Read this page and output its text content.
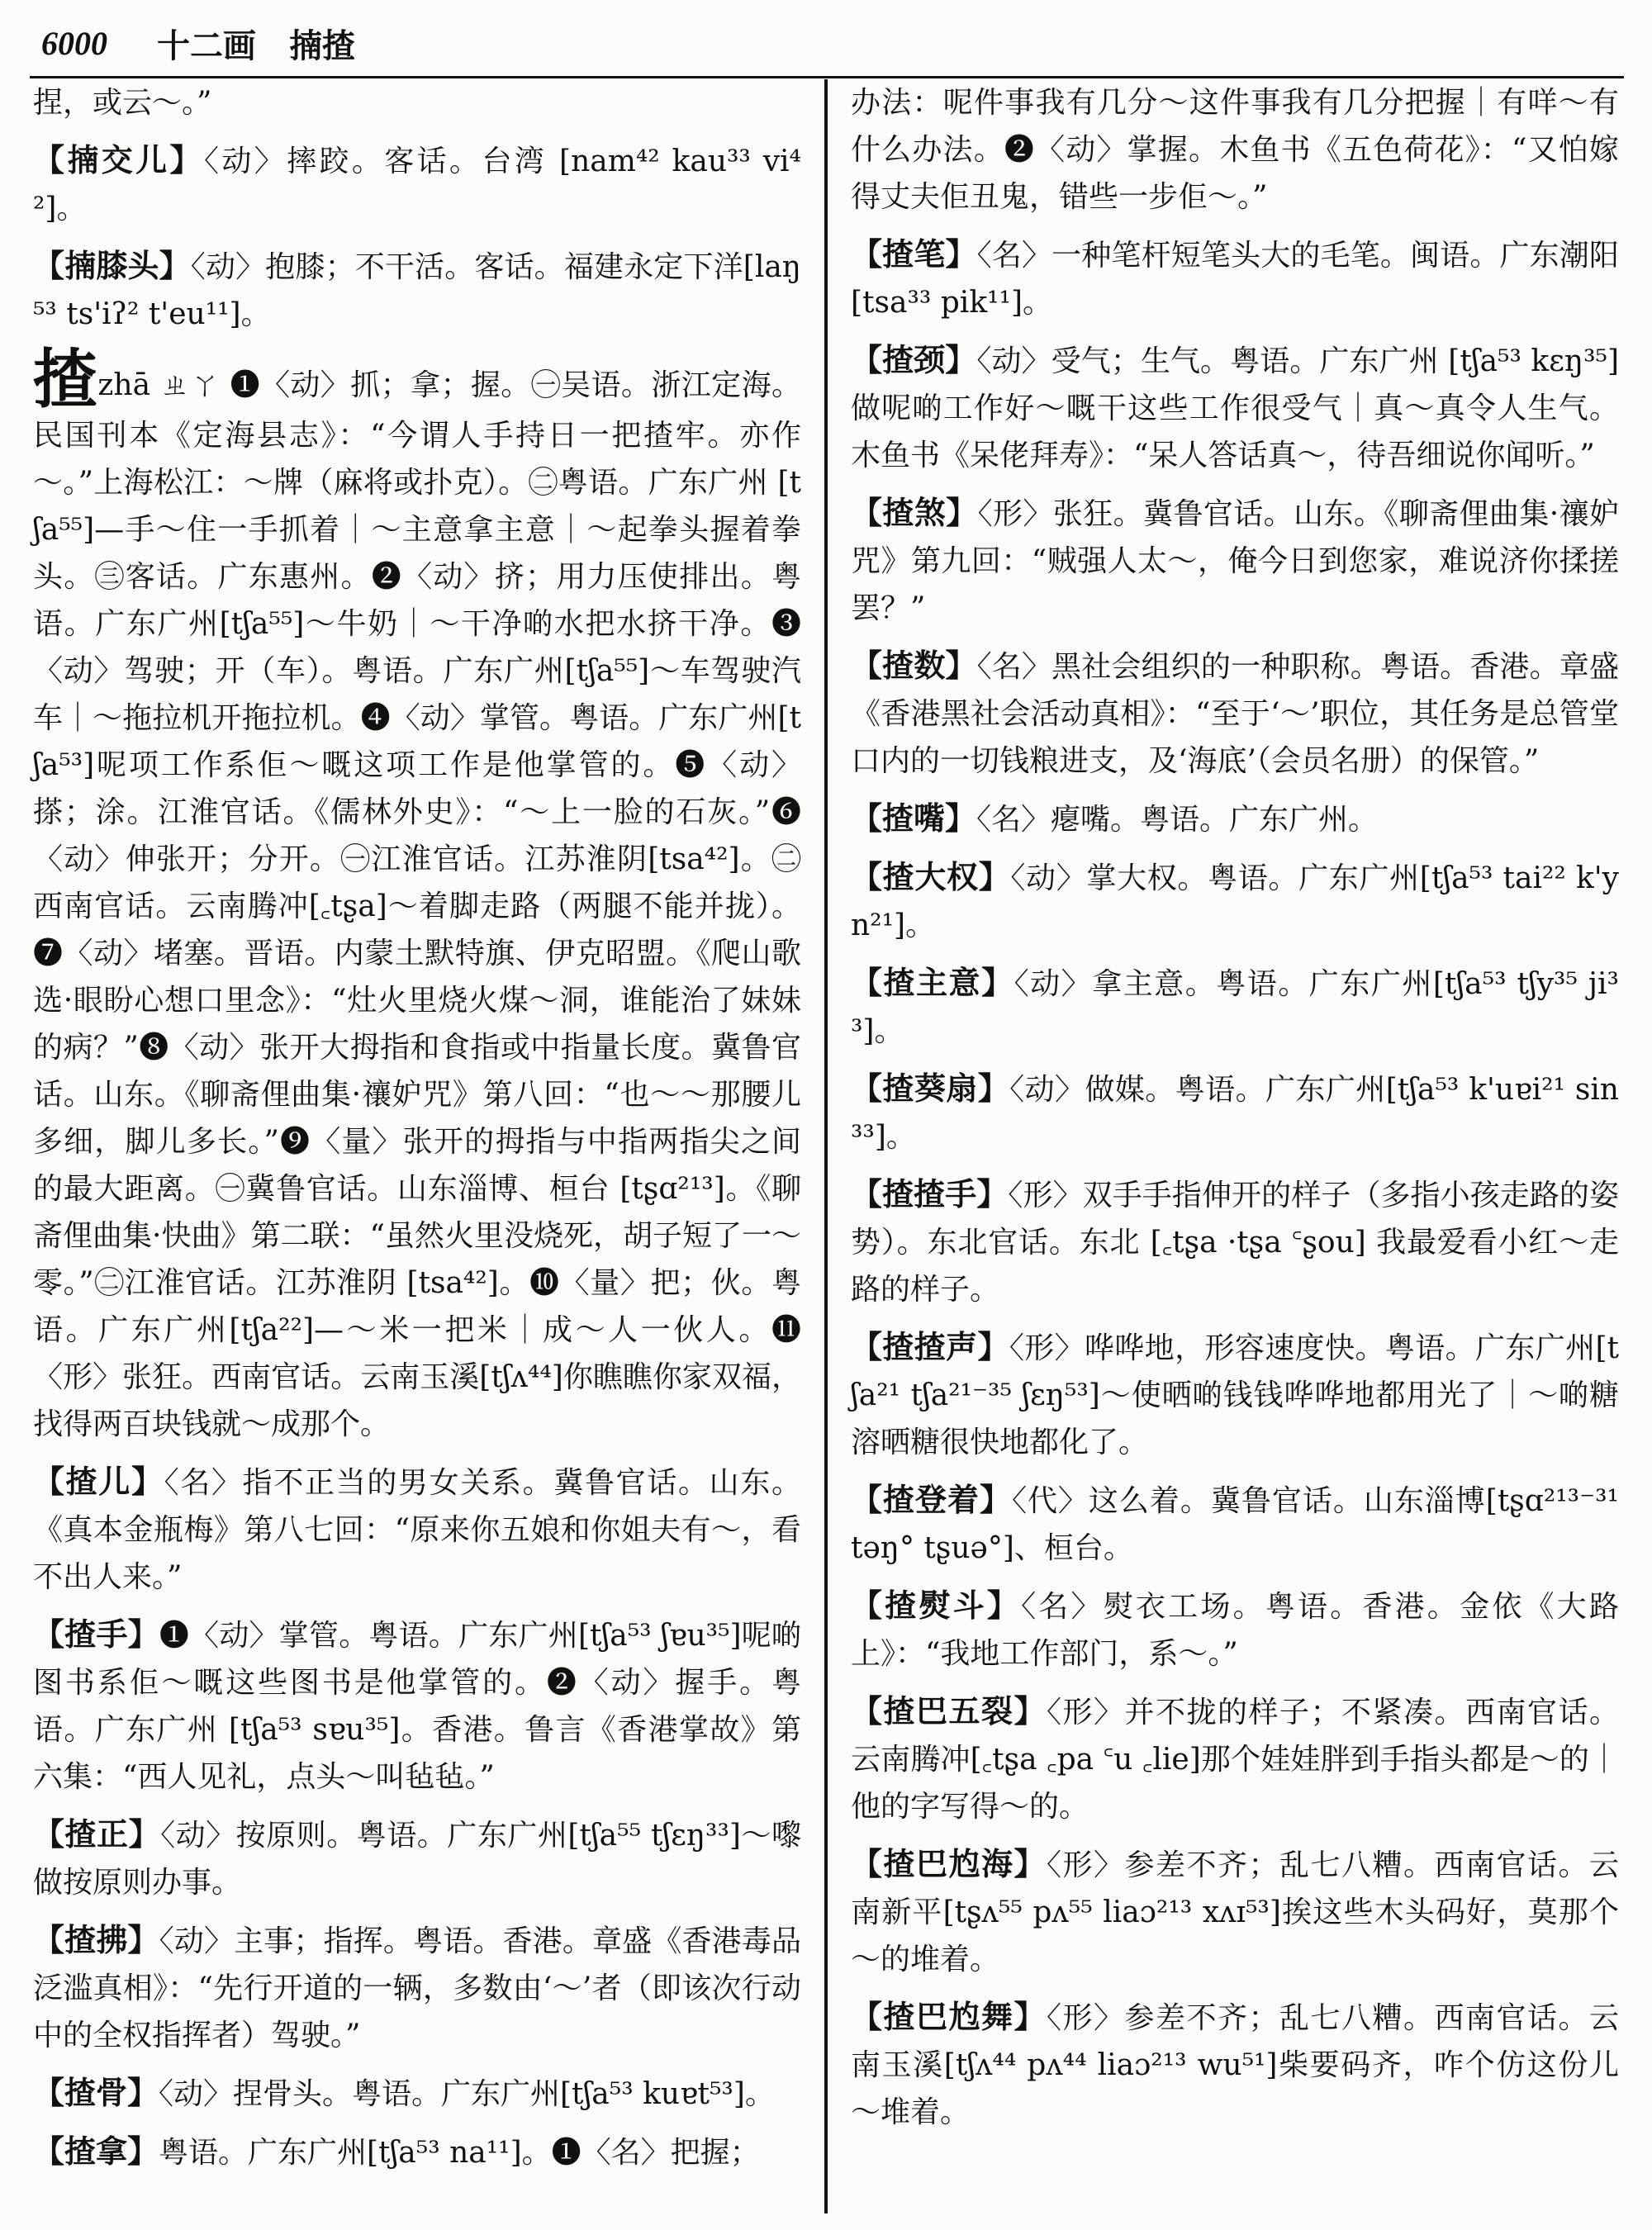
6000 十二画 揇揸
捏，或云～。”
【揇交儿】〈动〉摔跤。客话。台湾 [nam⁴² kau³³ vi⁴²]。
【揇膝头】〈动〉抱膝；不干活。客话。福建永定下洋[laŋ⁵³ ts'iʔ² t'eu¹¹]。
揸zhā ㄓㄚ ❶〈动〉抓；拿；握。㊀吴语。浙江定海。民国刊本《定海县志》：“今谓人手持日一把揸牢。亦作～。”上海松江：～牌（麻将或扑克）。㊁粤语。广东广州 [tʃa⁵⁵]—手～住一手抓着｜～主意拿主意｜～起拳头握着拳头。㊂客话。广东惠州。❷〈动〉挤；用力压使排出。粤语。广东广州[tʃa⁵⁵]～牛奶｜～干净啲水把水挤干净。❸〈动〉驾驶；开（车）。粤语。广东广州[tʃa⁵⁵]～车驾驶汽车｜～拖拉机开拖拉机。❹〈动〉掌管。粤语。广东广州[tʃa⁵³]呢项工作系佢～嘅这项工作是他掌管的。❺〈动〉搽；涂。江淮官话。《儒林外史》：“～上一脸的石灰。”❻〈动〉伸张开；分开。㊀江淮官话。江苏淮阴[tsa⁴²]。㊁西南官话。云南腾冲[꜀tʂa]～着脚走路（两腿不能并拢）。❼〈动〉堵塞。晋语。内蒙土默特旗、伊克昭盟。《爬山歌选·眼盼心想口里念》：“灶火里烧火煤～洞，谁能治了妹妹的病？”❽〈动〉张开大拇指和食指或中指量长度。冀鲁官话。山东。《聊斋俚曲集·禳妒咒》第八回：“也～～那腰儿多细，脚儿多长。”❾〈量〉张开的拇指与中指两指尖之间的最大距离。㊀冀鲁官话。山东淄博、桓台 [tʂɑ²¹³]。《聊斋俚曲集·快曲》第二联：“虽然火里没烧死，胡子短了一～零。”㊁江淮官话。江苏淮阴 [tsa⁴²]。❿〈量〉把；伙。粤语。广东广州[tʃa²²]—～米一把米｜成～人一伙人。⓫〈形〉张狂。西南官话。云南玉溪[tʃʌ⁴⁴]你瞧瞧你家双福，找得两百块钱就～成那个。
【揸儿】〈名〉指不正当的男女关系。冀鲁官话。山东。《真本金瓶梅》第八七回：“原来你五娘和你姐夫有～，看不出人来。”
【揸手】❶〈动〉掌管。粤语。广东广州[tʃa⁵³ ʃɐu³⁵]呢啲图书系佢～嘅这些图书是他掌管的。❷〈动〉握手。粤语。广东广州 [tʃa⁵³ sɐu³⁵]。香港。鲁言《香港掌故》第六集：“西人见礼，点头～叫毡毡。”
【揸正】〈动〉按原则。粤语。广东广州[tʃa⁵⁵ tʃɛŋ³³]～嚟做按原则办事。
【揸拂】〈动〉主事；指挥。粤语。香港。章盛《香港毒品泛滥真相》：“先行开道的一辆，多数由‘～’者（即该次行动中的全权指挥者）驾驶。”
【揸骨】〈动〉捏骨头。粤语。广东广州[tʃa⁵³ kuɐt⁵³]。
【揸拿】粤语。广东广州[tʃa⁵³ na¹¹]。❶〈名〉把握；
办法：呢件事我有几分～这件事我有几分把握｜有咩～有什么办法。❷〈动〉掌握。木鱼书《五色荷花》：“又怕嫁得丈夫佢丑鬼，错些一步佢～。”
【揸笔】〈名〉一种笔杆短笔头大的毛笔。闽语。广东潮阳[tsa³³ pik¹¹]。
【揸颈】〈动〉受气；生气。粤语。广东广州 [tʃa⁵³ kɛŋ³⁵] 做呢啲工作好～嘅干这些工作很受气｜真～真令人生气。木鱼书《呆佬拜寿》：“呆人答话真～，待吾细说你闻听。”
【揸煞】〈形〉张狂。冀鲁官话。山东。《聊斋俚曲集·禳妒咒》第九回：“贼强人太～，俺今日到您家，难说济你揉搓罢？”
【揸数】〈名〉黑社会组织的一种职称。粤语。香港。章盛《香港黑社会活动真相》：“至于‘～’职位，其任务是总管堂口内的一切钱粮进支，及‘海底’（会员名册）的保管。”
【揸嘴】〈名〉瘪嘴。粤语。广东广州。
【揸大权】〈动〉掌大权。粤语。广东广州[tʃa⁵³ tai²² k'yn²¹]。
【揸主意】〈动〉拿主意。粤语。广东广州[tʃa⁵³ tʃy³⁵ ji³³]。
【揸葵扇】〈动〉做媒。粤语。广东广州[tʃa⁵³ k'uɐi²¹ sin³³]。
【揸揸手】〈形〉双手手指伸开的样子（多指小孩走路的姿势）。东北官话。东北 [꜀tʂa ·tʂa ꜂ʂou] 我最爱看小红～走路的样子。
【揸揸声】〈形〉哗哗地，形容速度快。粤语。广东广州[tʃa²¹ tʃa²¹⁻³⁵ ʃɛŋ⁵³]～使晒啲钱钱哗哗地都用光了｜～啲糖溶晒糖很快地都化了。
【揸登着】〈代〉这么着。冀鲁官话。山东淄博[tʂɑ²¹³⁻³¹ təŋ° tʂuə°]、桓台。
【揸熨斗】〈名〉熨衣工场。粤语。香港。金依《大路上》：“我地工作部门，系～。”
【揸巴五裂】〈形〉并不拢的样子；不紧凑。西南官话。云南腾冲[꜀tʂa ꜀pa ꜂u ꜀lie]那个娃娃胖到手指头都是～的｜他的字写得～的。
【揸巴尥海】〈形〉参差不齐；乱七八糟。西南官话。云南新平[tʂʌ⁵⁵ pʌ⁵⁵ liaɔ²¹³ xʌɪ⁵³]挨这些木头码好，莫那个～的堆着。
【揸巴尥舞】〈形〉参差不齐；乱七八糟。西南官话。云南玉溪[tʃʌ⁴⁴ pʌ⁴⁴ liaɔ²¹³ wu⁵¹]柴要码齐，咋个仿这份儿～堆着。
